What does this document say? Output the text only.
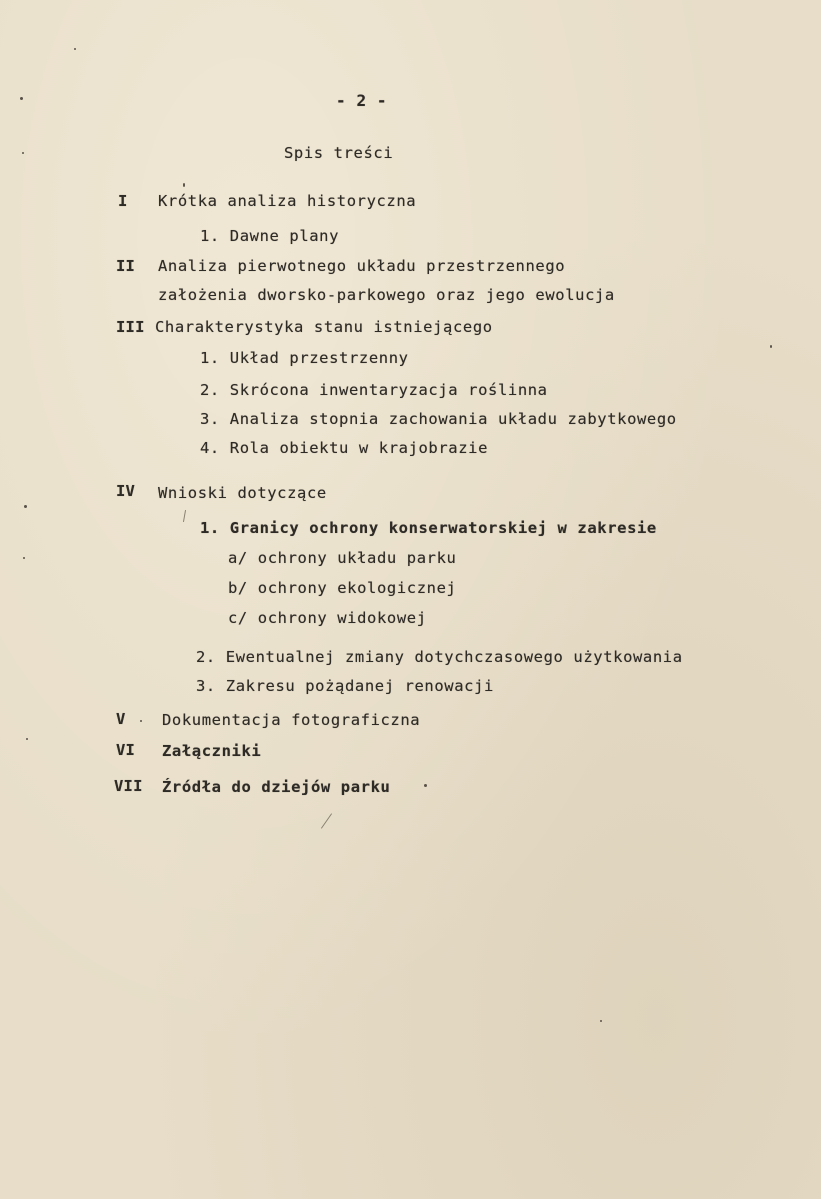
- 2 -
Spis treści
I Krótka analiza historyczna
1. Dawne plany
II Analiza pierwotnego układu przestrzennego
założenia dworsko-parkowego oraz jego ewolucja
III Charakterystyka stanu istniejącego
1. Układ przestrzenny
2. Skrócona inwentaryzacja roślinna
3. Analiza stopnia zachowania układu zabytkowego
4. Rola obiektu w krajobrazie
IV Wnioski dotyczące
1. Granicy ochrony konserwatorskiej w zakresie
a/ ochrony układu parku
b/ ochrony ekologicznej
c/ ochrony widokowej
2. Ewentualnej zmiany dotychczasowego użytkowania
3. Zakresu pożądanej renowacji
V Dokumentacja fotograficzna
VI Załączniki
VII Źródła do dziejów parku
